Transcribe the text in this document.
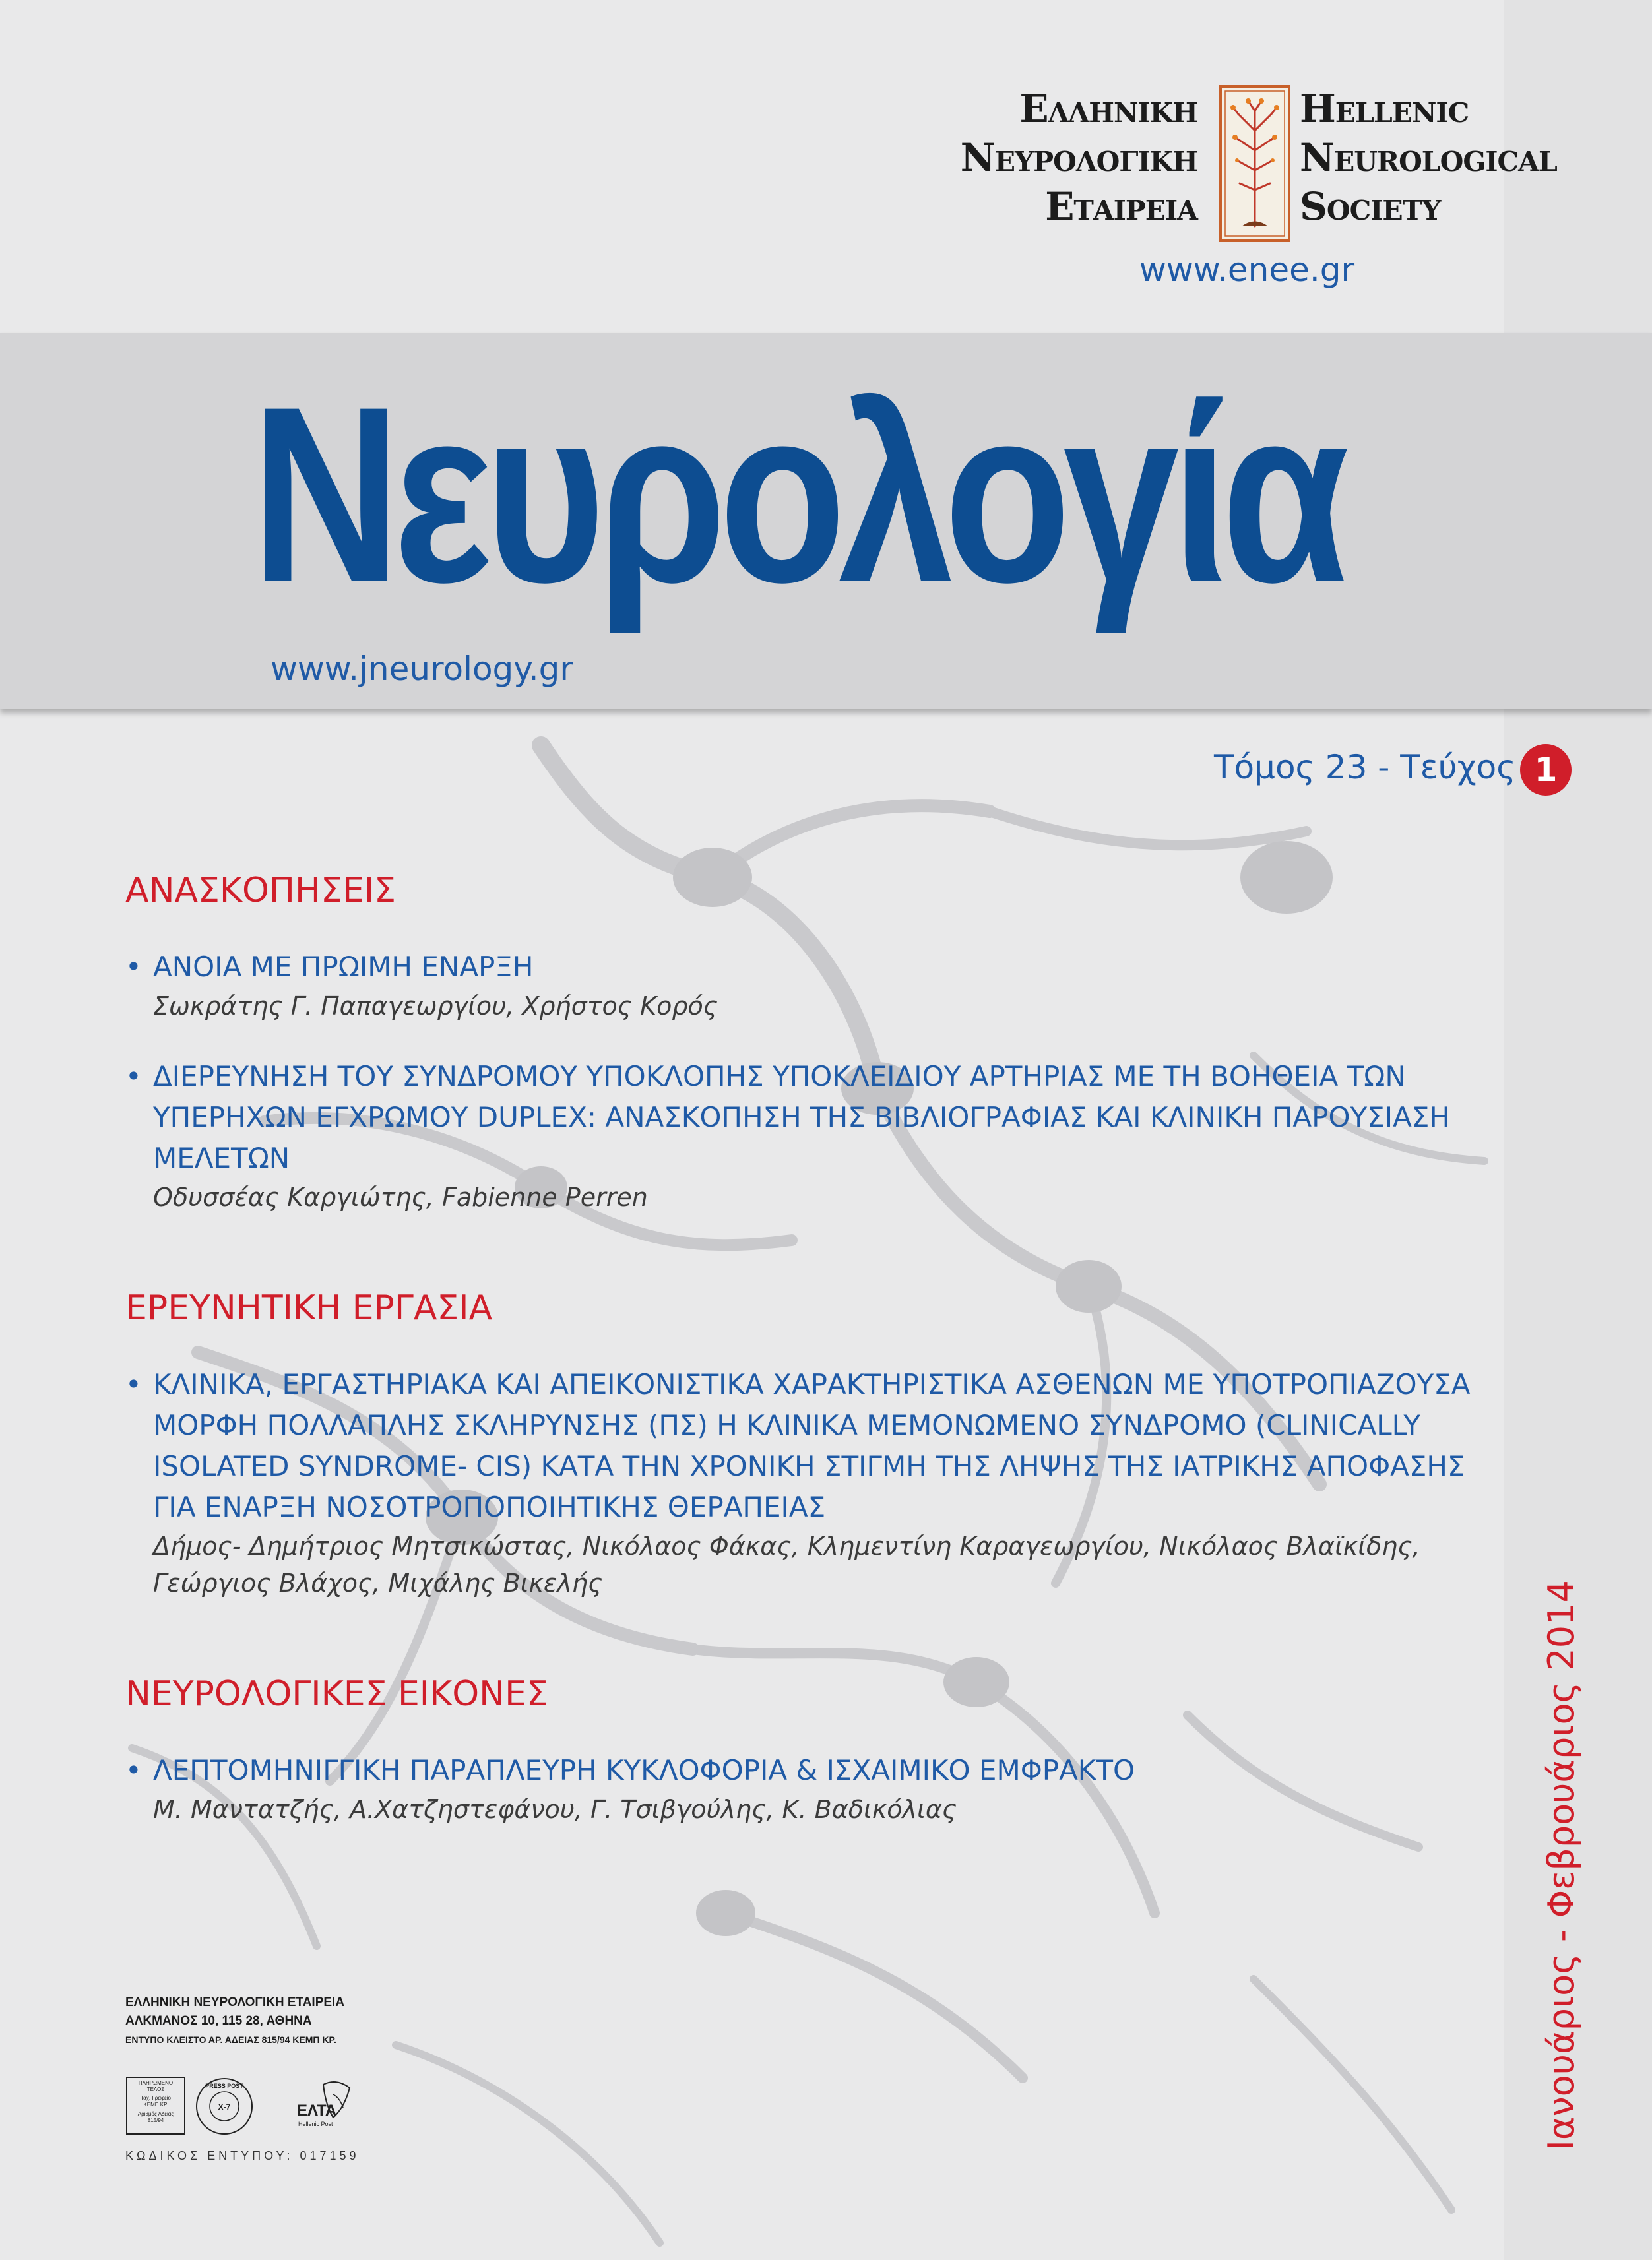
Ελληνικη
Νευρολογικη
Εταιρεια
Hellenic
Neurological
Society
www.enee.gr
Νευρολογία
www.jneurology.gr
Τόμος 23 - Τεύχος 1
ΑΝΑΣΚΟΠΗΣΕΙΣ
• ΑΝΟΙΑ ΜΕ ΠΡΩΙΜΗ ΕΝΑΡΞΗ
Σωκράτης Γ. Παπαγεωργίου, Χρήστος Κορός
• ΔΙΕΡΕΥΝΗΣΗ ΤΟΥ ΣΥΝΔΡΟΜΟΥ ΥΠΟΚΛΟΠΗΣ ΥΠΟΚΛΕΙΔΙΟΥ ΑΡΤΗΡΙΑΣ ΜΕ ΤΗ ΒΟΗΘΕΙΑ ΤΩΝ ΥΠΕΡΗΧΩΝ ΕΓΧΡΩΜΟΥ DUPLEX: ΑΝΑΣΚΟΠΗΣΗ ΤΗΣ ΒΙΒΛΙΟΓΡΑΦΙΑΣ ΚΑΙ ΚΛΙΝΙΚΗ ΠΑΡΟΥΣΙΑΣΗ ΜΕΛΕΤΩΝ
Οδυσσέας Καργιώτης, Fabienne Perren
ΕΡΕΥΝΗΤΙΚΗ ΕΡΓΑΣΙΑ
• ΚΛΙΝΙΚΑ, ΕΡΓΑΣΤΗΡΙΑΚΑ ΚΑΙ ΑΠΕΙΚΟΝΙΣΤΙΚΑ ΧΑΡΑΚΤΗΡΙΣΤΙΚΑ ΑΣΘΕΝΩΝ ΜΕ ΥΠΟΤΡΟΠΙΑΖΟΥΣΑ ΜΟΡΦΗ ΠΟΛΛΑΠΛΗΣ ΣΚΛΗΡΥΝΣΗΣ (ΠΣ) Η ΚΛΙΝΙΚΑ ΜΕΜΟΝΩΜΕΝΟ ΣΥΝΔΡΟΜΟ (CLINICALLY ISOLATED SYNDROME- CIS) ΚΑΤΑ ΤΗΝ ΧΡΟΝΙΚΗ ΣΤΙΓΜΗ ΤΗΣ ΛΗΨΗΣ ΤΗΣ ΙΑΤΡΙΚΗΣ ΑΠΟΦΑΣΗΣ ΓΙΑ ΕΝΑΡΞΗ ΝΟΣΟΤΡΟΠΟΠΟΙΗΤΙΚΗΣ ΘΕΡΑΠΕΙΑΣ
Δήμος- Δημήτριος Μητσικώστας, Νικόλαος Φάκας, Κλημεντίνη Καραγεωργίου, Νικόλαος Βλαϊκίδης, Γεώργιος Βλάχος, Μιχάλης Βικελής
ΝΕΥΡΟΛΟΓΙΚΕΣ ΕΙΚΟΝΕΣ
• ΛΕΠΤΟΜΗΝΙΓΓΙΚΗ ΠΑΡΑΠΛΕΥΡΗ ΚΥΚΛΟΦΟΡΙΑ & ΙΣΧΑΙΜΙΚΟ ΕΜΦΡΑΚΤΟ
Μ. Μαντατζής, Α.Χατζηστεφάνου, Γ. Τσιβγούλης, Κ. Βαδικόλιας
ΕΛΛΗΝΙΚΗ ΝΕΥΡΟΛΟΓΙΚΗ ΕΤΑΙΡΕΙΑ
ΑΛΚΜΑΝΟΣ 10, 115 28, ΑΘΗΝΑ
ΕΝΤΥΠΟ ΚΛΕΙΣΤΟ ΑΡ. ΑΔΕΙΑΣ 815/94 ΚΕΜΠ ΚΡ.
ΠΛΗΡΩΜΕΝΟ
ΤΕΛΟΣ
Ταχ. Γραφείο
ΚΕΜΠ ΚΡ.
Αριθμός Άδειας
815/94
PRESS POST
Χ-7	ΕΛΤΑ
Hellenic Post
ΚΩΔΙΚΟΣ ΕΝΤΥΠΟΥ: 017159
Ιανουάριος - Φεβρουάριος 2014
